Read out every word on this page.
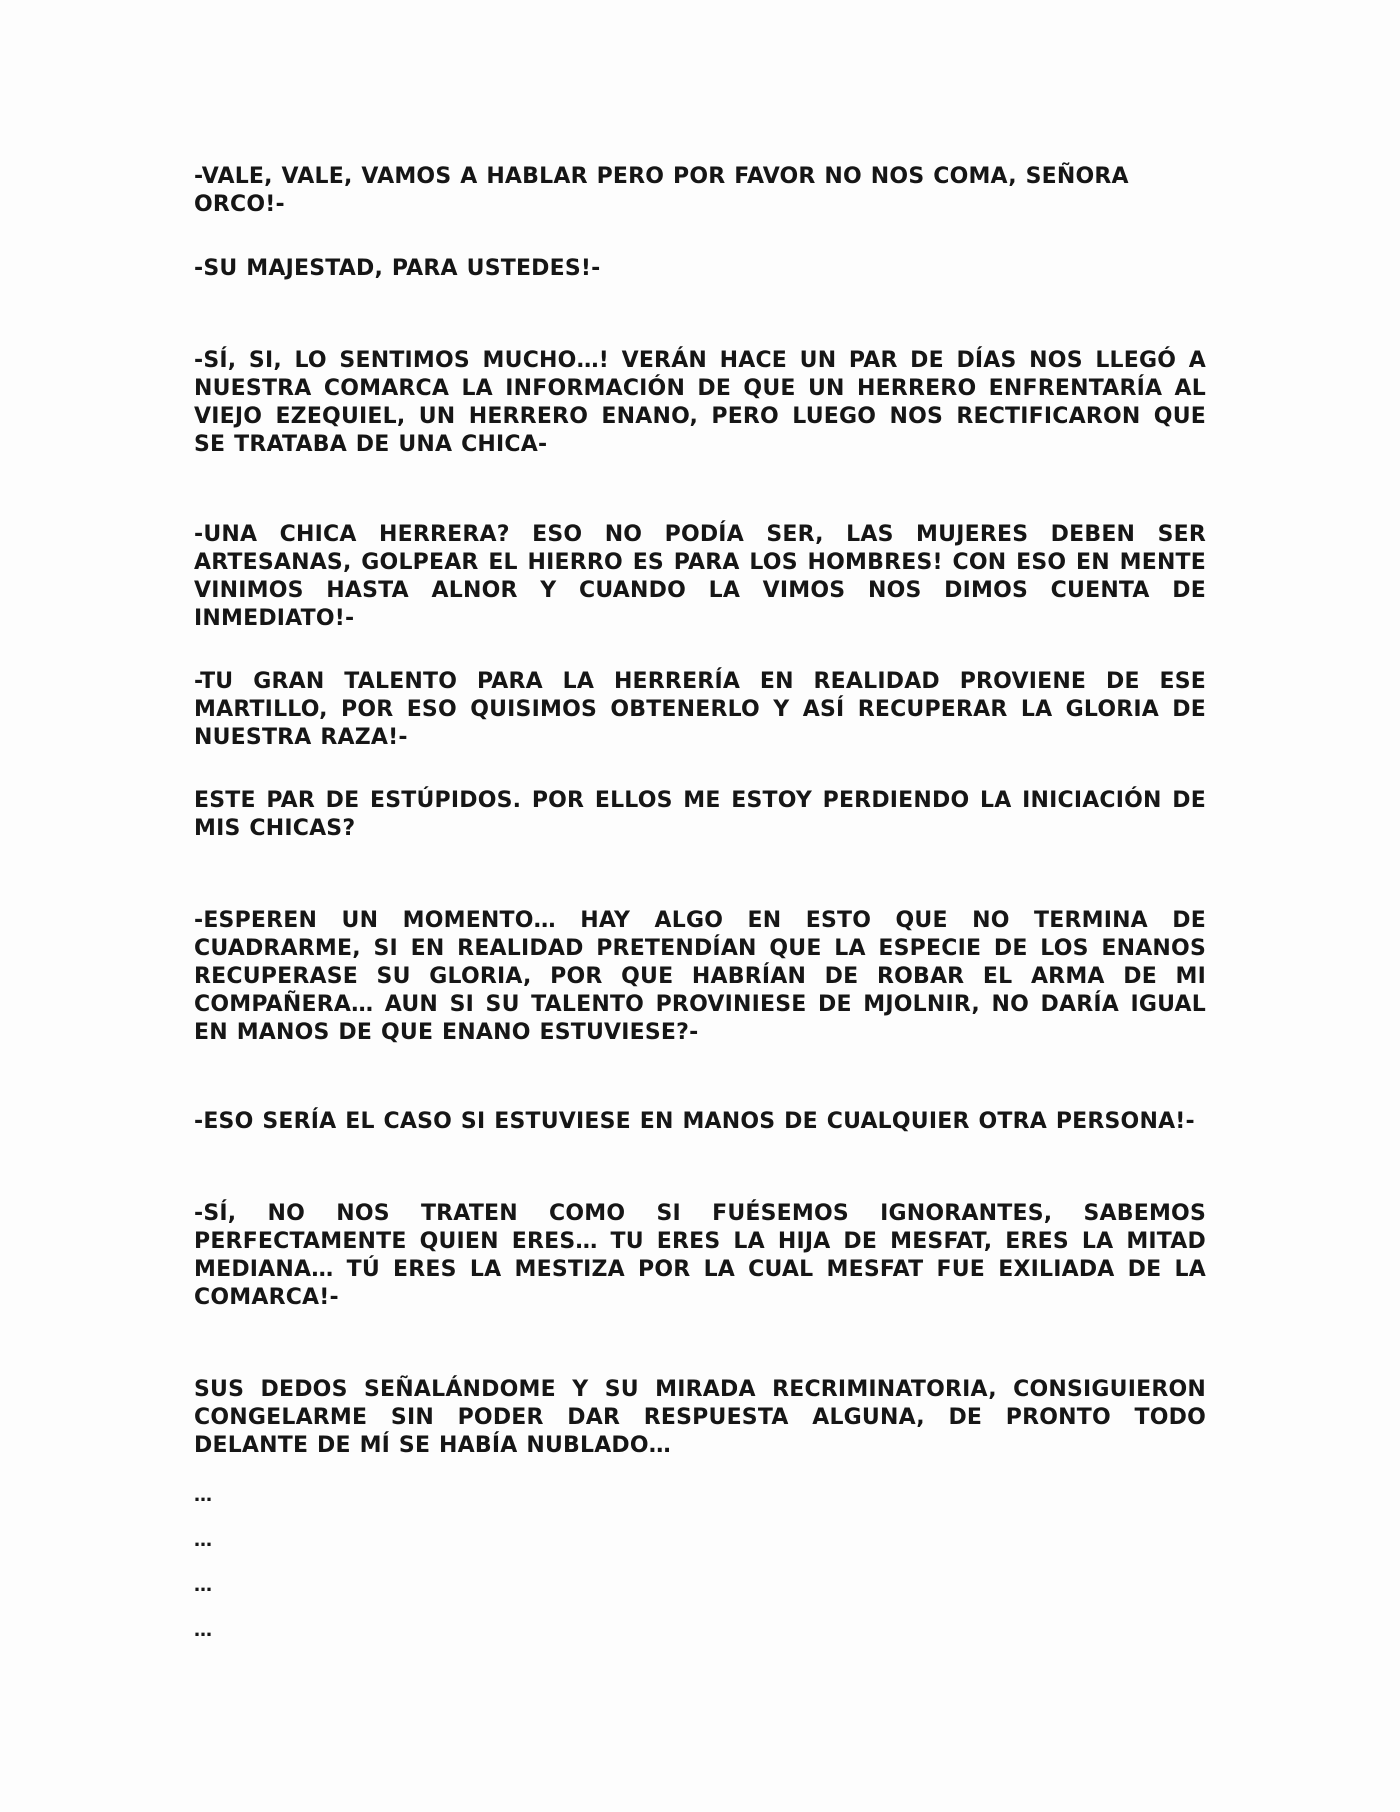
-VALE, VALE, VAMOS A HABLAR PERO POR FAVOR NO NOS COMA, SEÑORA ORCO!-

-SU MAJESTAD, PARA USTEDES!-

-SÍ, SI, LO SENTIMOS MUCHO…! VERÁN HACE UN PAR DE DÍAS NOS LLEGÓ A NUESTRA COMARCA LA INFORMACIÓN DE QUE UN HERRERO ENFRENTARÍA AL VIEJO EZEQUIEL, UN HERRERO ENANO, PERO LUEGO NOS RECTIFICARON QUE SE TRATABA DE UNA CHICA-

-UNA CHICA HERRERA? ESO NO PODÍA SER, LAS MUJERES DEBEN SER ARTESANAS, GOLPEAR EL HIERRO ES PARA LOS HOMBRES! CON ESO EN MENTE VINIMOS HASTA ALNOR Y CUANDO LA VIMOS NOS DIMOS CUENTA DE INMEDIATO!-

-TU GRAN TALENTO PARA LA HERRERÍA EN REALIDAD PROVIENE DE ESE MARTILLO, POR ESO QUISIMOS OBTENERLO Y ASÍ RECUPERAR LA GLORIA DE NUESTRA RAZA!-

ESTE PAR DE ESTÚPIDOS. POR ELLOS ME ESTOY PERDIENDO LA INICIACIÓN DE MIS CHICAS?

-ESPEREN UN MOMENTO… HAY ALGO EN ESTO QUE NO TERMINA DE CUADRARME, SI EN REALIDAD PRETENDÍAN QUE LA ESPECIE DE LOS ENANOS RECUPERASE SU GLORIA, POR QUE HABRÍAN DE ROBAR EL ARMA DE MI COMPAÑERA… AUN SI SU TALENTO PROVINIESE DE MJOLNIR, NO DARÍA IGUAL EN MANOS DE QUE ENANO ESTUVIESE?-

-ESO SERÍA EL CASO SI ESTUVIESE EN MANOS DE CUALQUIER OTRA PERSONA!-

-SÍ, NO NOS TRATEN COMO SI FUÉSEMOS IGNORANTES, SABEMOS PERFECTAMENTE QUIEN ERES… TU ERES LA HIJA DE MESFAT, ERES LA MITAD MEDIANA… TÚ ERES LA MESTIZA POR LA CUAL MESFAT FUE EXILIADA DE LA COMARCA!-

SUS DEDOS SEÑALÁNDOME Y SU MIRADA RECRIMINATORIA, CONSIGUIERON CONGELARME SIN PODER DAR RESPUESTA ALGUNA, DE PRONTO TODO DELANTE DE MÍ SE HABÍA NUBLADO…

…

…

…

…
